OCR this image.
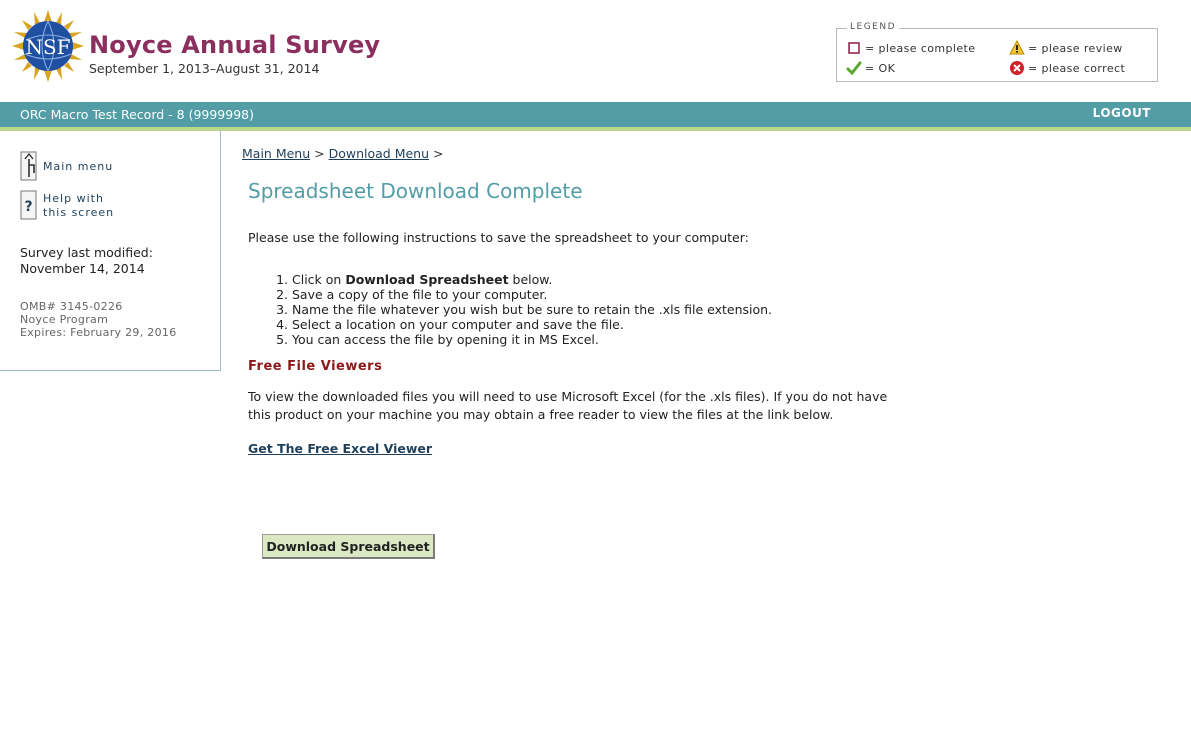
NSF Noyce Annual Survey
September 1, 2013–August 31, 2014
LEGEND
= please complete	= please review
= OK	= please correct
ORC Macro Test Record - 8 (9999998)	LOGOUT
Main menu
?
Help with
this screen
Survey last modified:
November 14, 2014
OMB# 3145-0226
Noyce Program
Expires: February 29, 2016
Main Menu > Download Menu >
Spreadsheet Download Complete
Please use the following instructions to save the spreadsheet to your computer:
1. Click on Download Spreadsheet below.
2. Save a copy of the file to your computer.
3. Name the file whatever you wish but be sure to retain the .xls file extension.
4. Select a location on your computer and save the file.
5. You can access the file by opening it in MS Excel.
Free File Viewers
To view the downloaded files you will need to use Microsoft Excel (for the .xls files). If you do not have this product on your machine you may obtain a free reader to view the files at the link below.
Get The Free Excel Viewer
Download Spreadsheet
